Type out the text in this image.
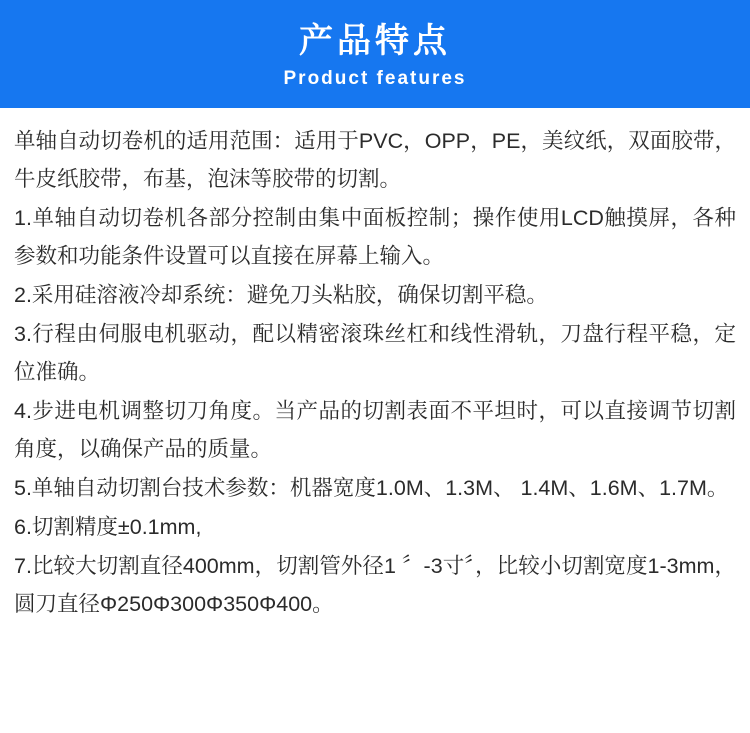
产品特点
Product features

单轴自动切卷机的适用范围：适用于PVC，OPP，PE，美纹纸，双面胶带，牛皮纸胶带，布基，泡沫等胶带的切割。

1.单轴自动切卷机各部分控制由集中面板控制；操作使用LCD触摸屏，各种参数和功能条件设置可以直接在屏幕上输入。

2.采用硅溶液冷却系统：避免刀头粘胶，确保切割平稳。

3.行程由伺服电机驱动，配以精密滚珠丝杠和线性滑轨，刀盘行程平稳，定位准确。

4.步进电机调整切刀角度。当产品的切割表面不平坦时，可以直接调节切割角度，以确保产品的质量。

5.单轴自动切割台技术参数：机器宽度1.0M、1.3M、 1.4M、1.6M、1.7M。

6.切割精度±0.1mm,

7.比较大切割直径400mm，切割管外径1 〞-3寸〞，比较小切割宽度1-3mm，圆刀直径Φ250Φ300Φ350Φ400。
